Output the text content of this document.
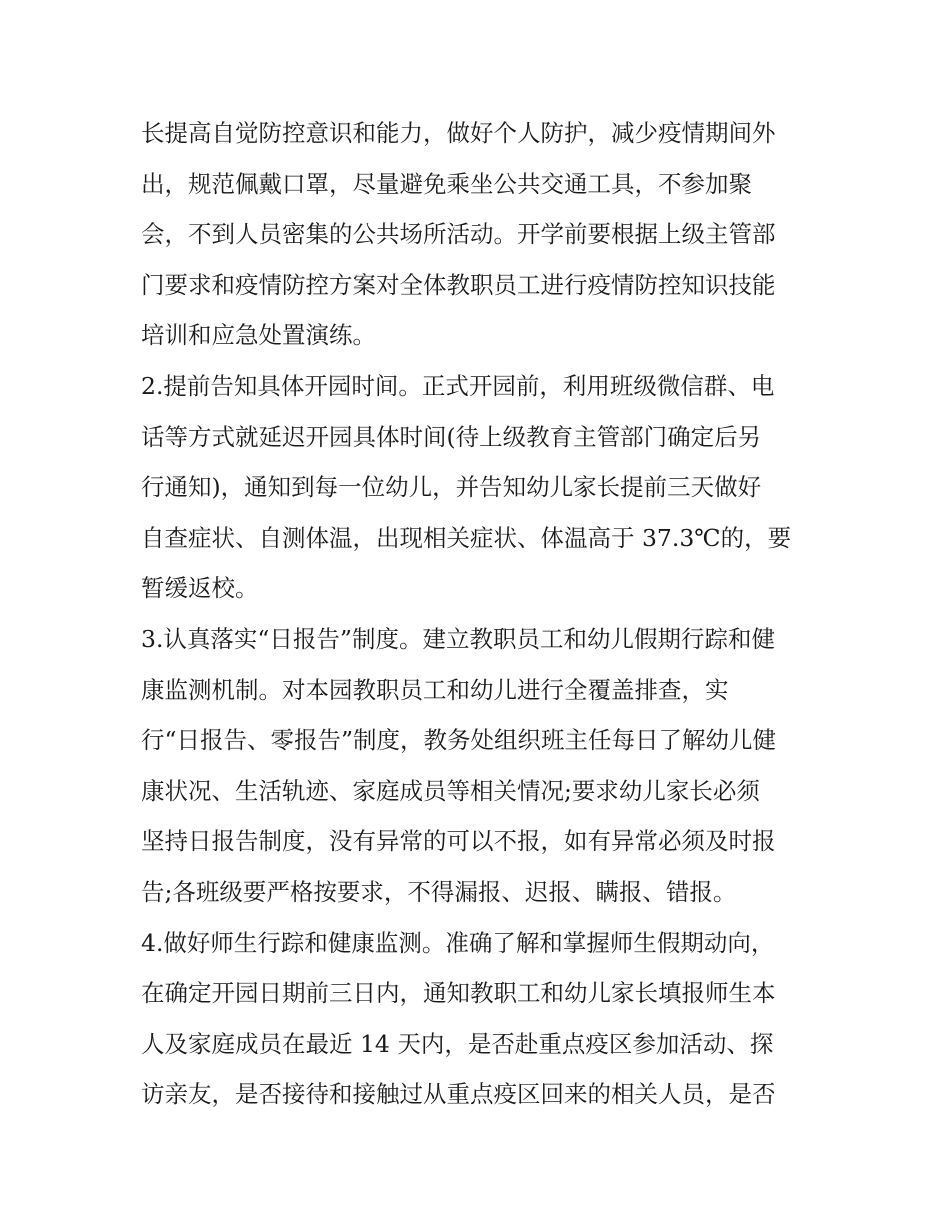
长提高自觉防控意识和能力，做好个人防护，减少疫情期间外
出，规范佩戴口罩，尽量避免乘坐公共交通工具，不参加聚
会，不到人员密集的公共场所活动。开学前要根据上级主管部
门要求和疫情防控方案对全体教职员工进行疫情防控知识技能
培训和应急处置演练。
2.提前告知具体开园时间。正式开园前，利用班级微信群、电
话等方式就延迟开园具体时间(待上级教育主管部门确定后另
行通知)，通知到每一位幼儿，并告知幼儿家长提前三天做好
自查症状、自测体温，出现相关症状、体温高于 37.3℃的，要
暂缓返校。
3.认真落实“日报告”制度。建立教职员工和幼儿假期行踪和健
康监测机制。对本园教职员工和幼儿进行全覆盖排查，实
行“日报告、零报告”制度，教务处组织班主任每日了解幼儿健
康状况、生活轨迹、家庭成员等相关情况;要求幼儿家长必须
坚持日报告制度，没有异常的可以不报，如有异常必须及时报
告;各班级要严格按要求，不得漏报、迟报、瞒报、错报。
4.做好师生行踪和健康监测。准确了解和掌握师生假期动向，
在确定开园日期前三日内，通知教职工和幼儿家长填报师生本
人及家庭成员在最近 14 天内，是否赴重点疫区参加活动、探
访亲友，是否接待和接触过从重点疫区回来的相关人员，是否
